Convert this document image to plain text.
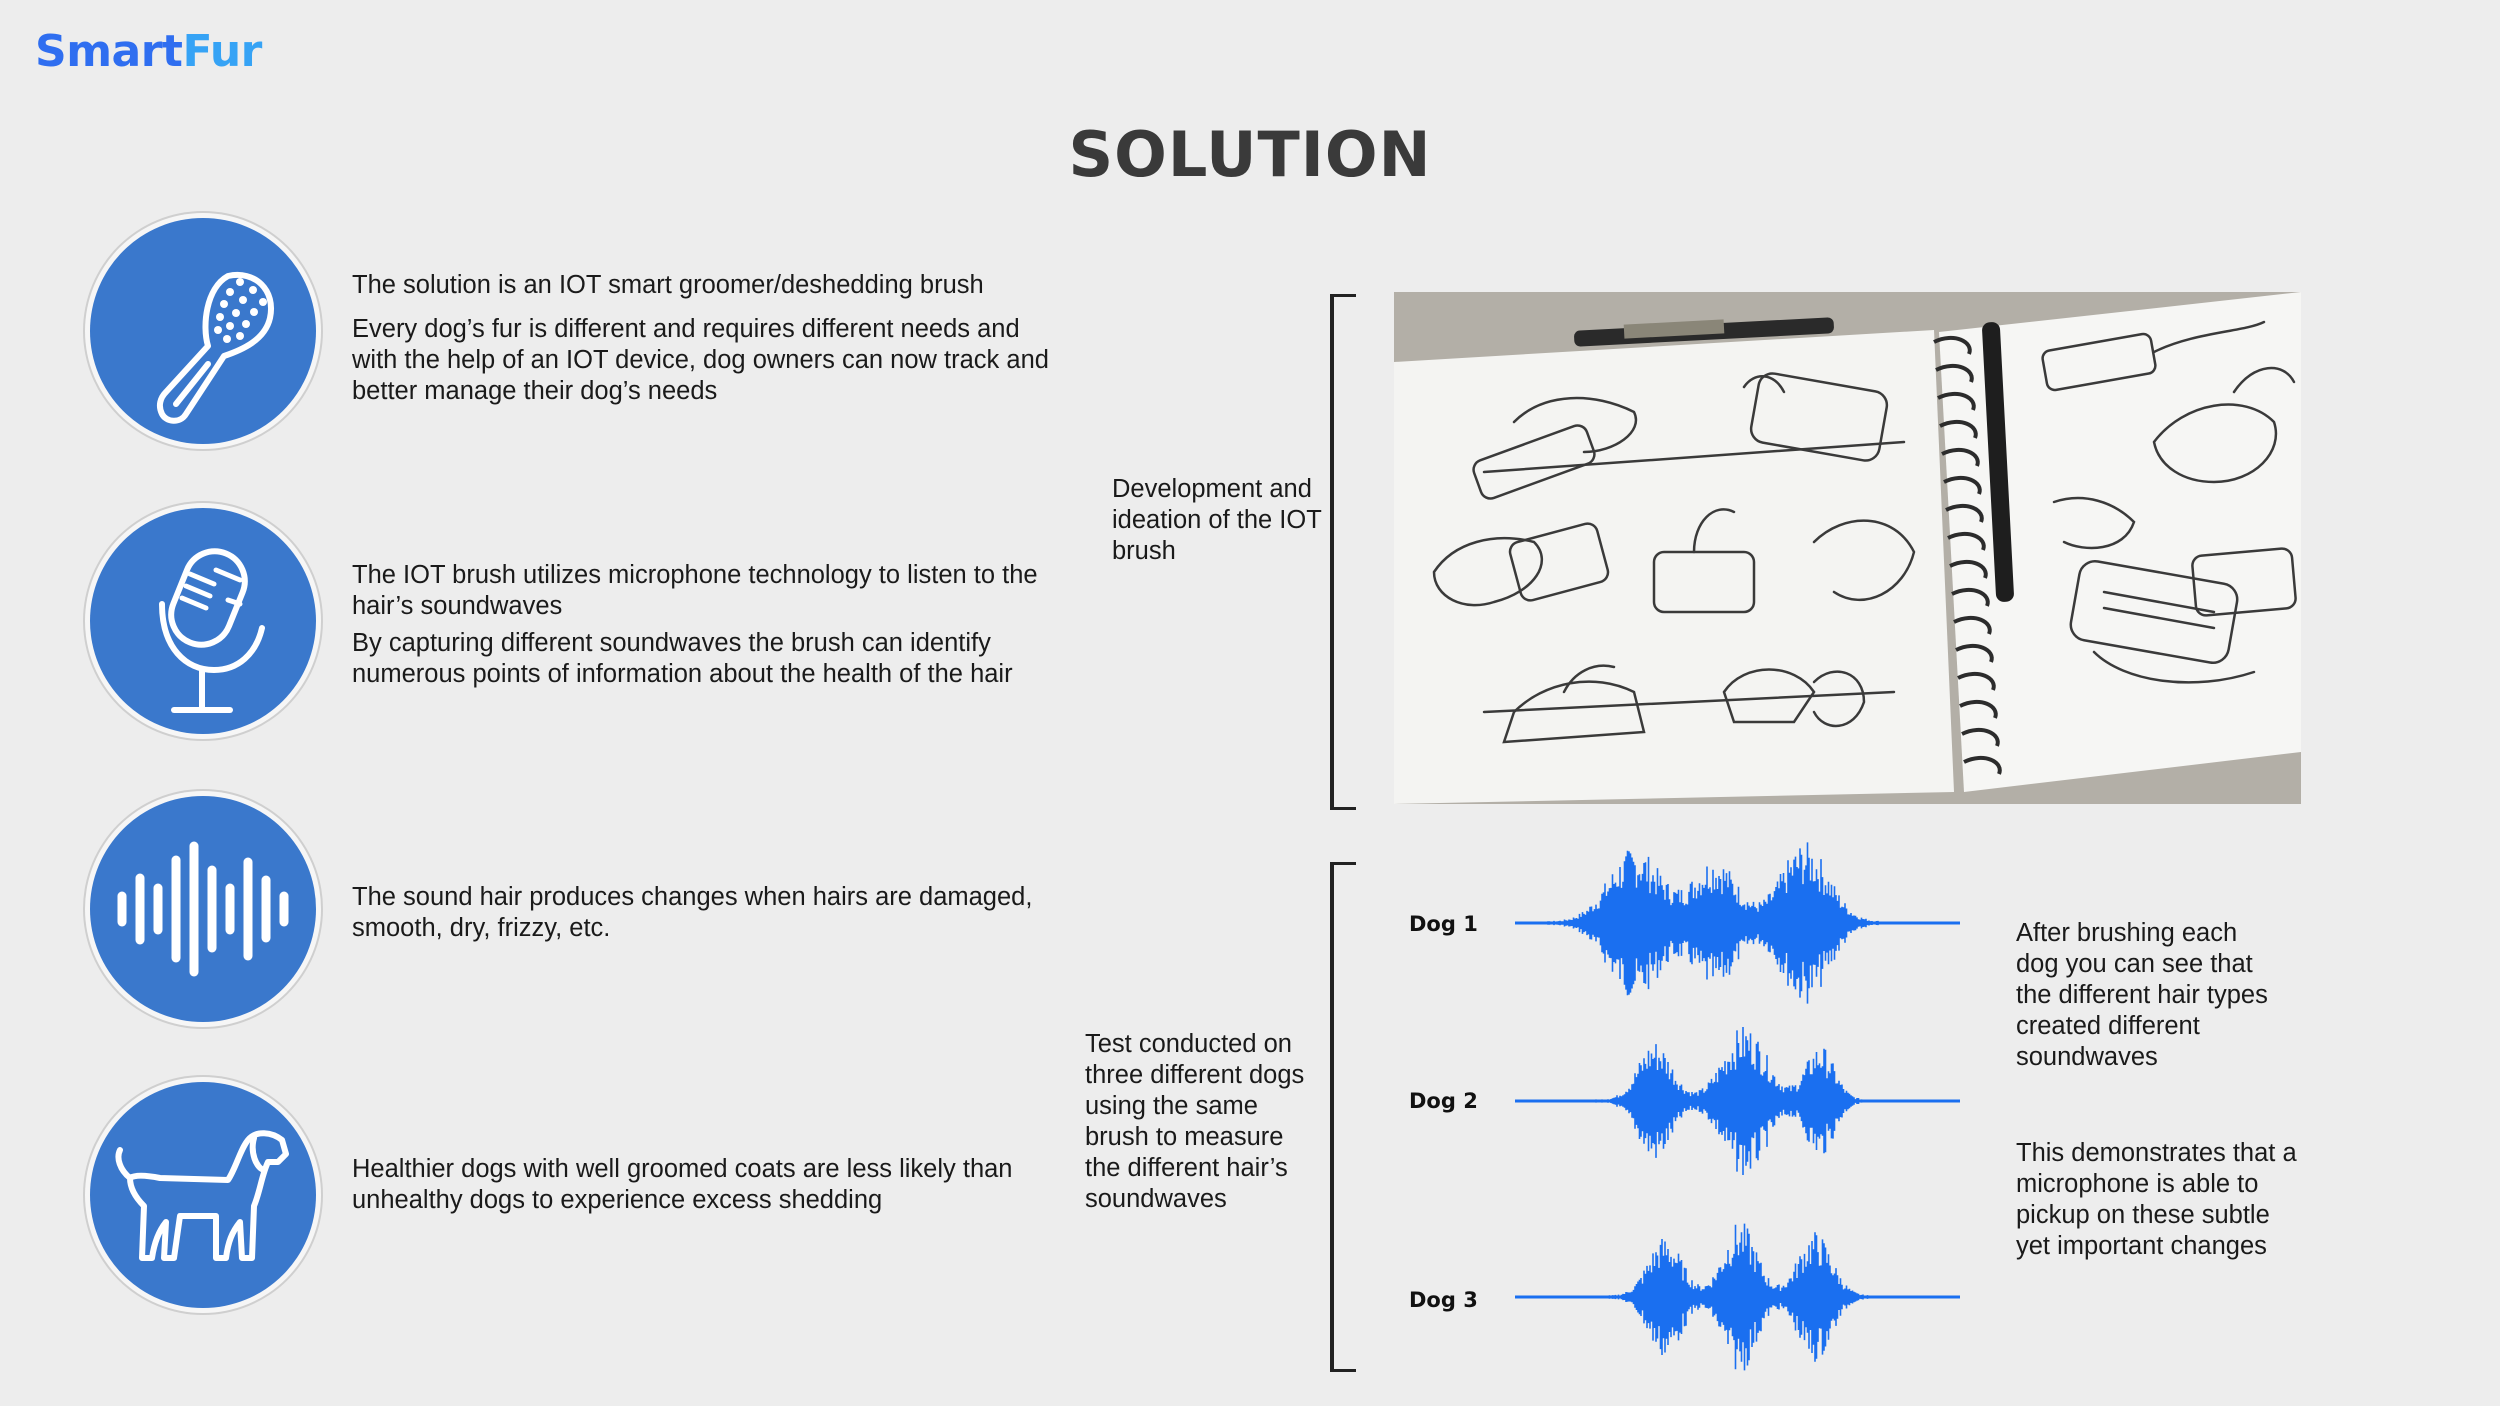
SmartFur
SOLUTION

The solution is an IOT smart groomer/deshedding brush

Every dog’s fur is different and requires different needs and with the help of an IOT device, dog owners can now track and better manage their dog’s needs

The IOT brush utilizes microphone technology to listen to the hair’s soundwaves

By capturing different soundwaves the brush can identify numerous points of information about the health of the hair

The sound hair produces changes when hairs are damaged, smooth, dry, frizzy, etc.

Healthier dogs with well groomed coats are less likely than unhealthy dogs to experience excess shedding

Development and ideation of the IOT brush
Test conducted on three different dogs using the same brush to measure the different hair’s soundwaves
Dog 1
Dog 2
Dog 3
After brushing each dog you can see that the different hair types created different soundwaves
This demonstrates that a microphone is able to pickup on these subtle yet important changes
